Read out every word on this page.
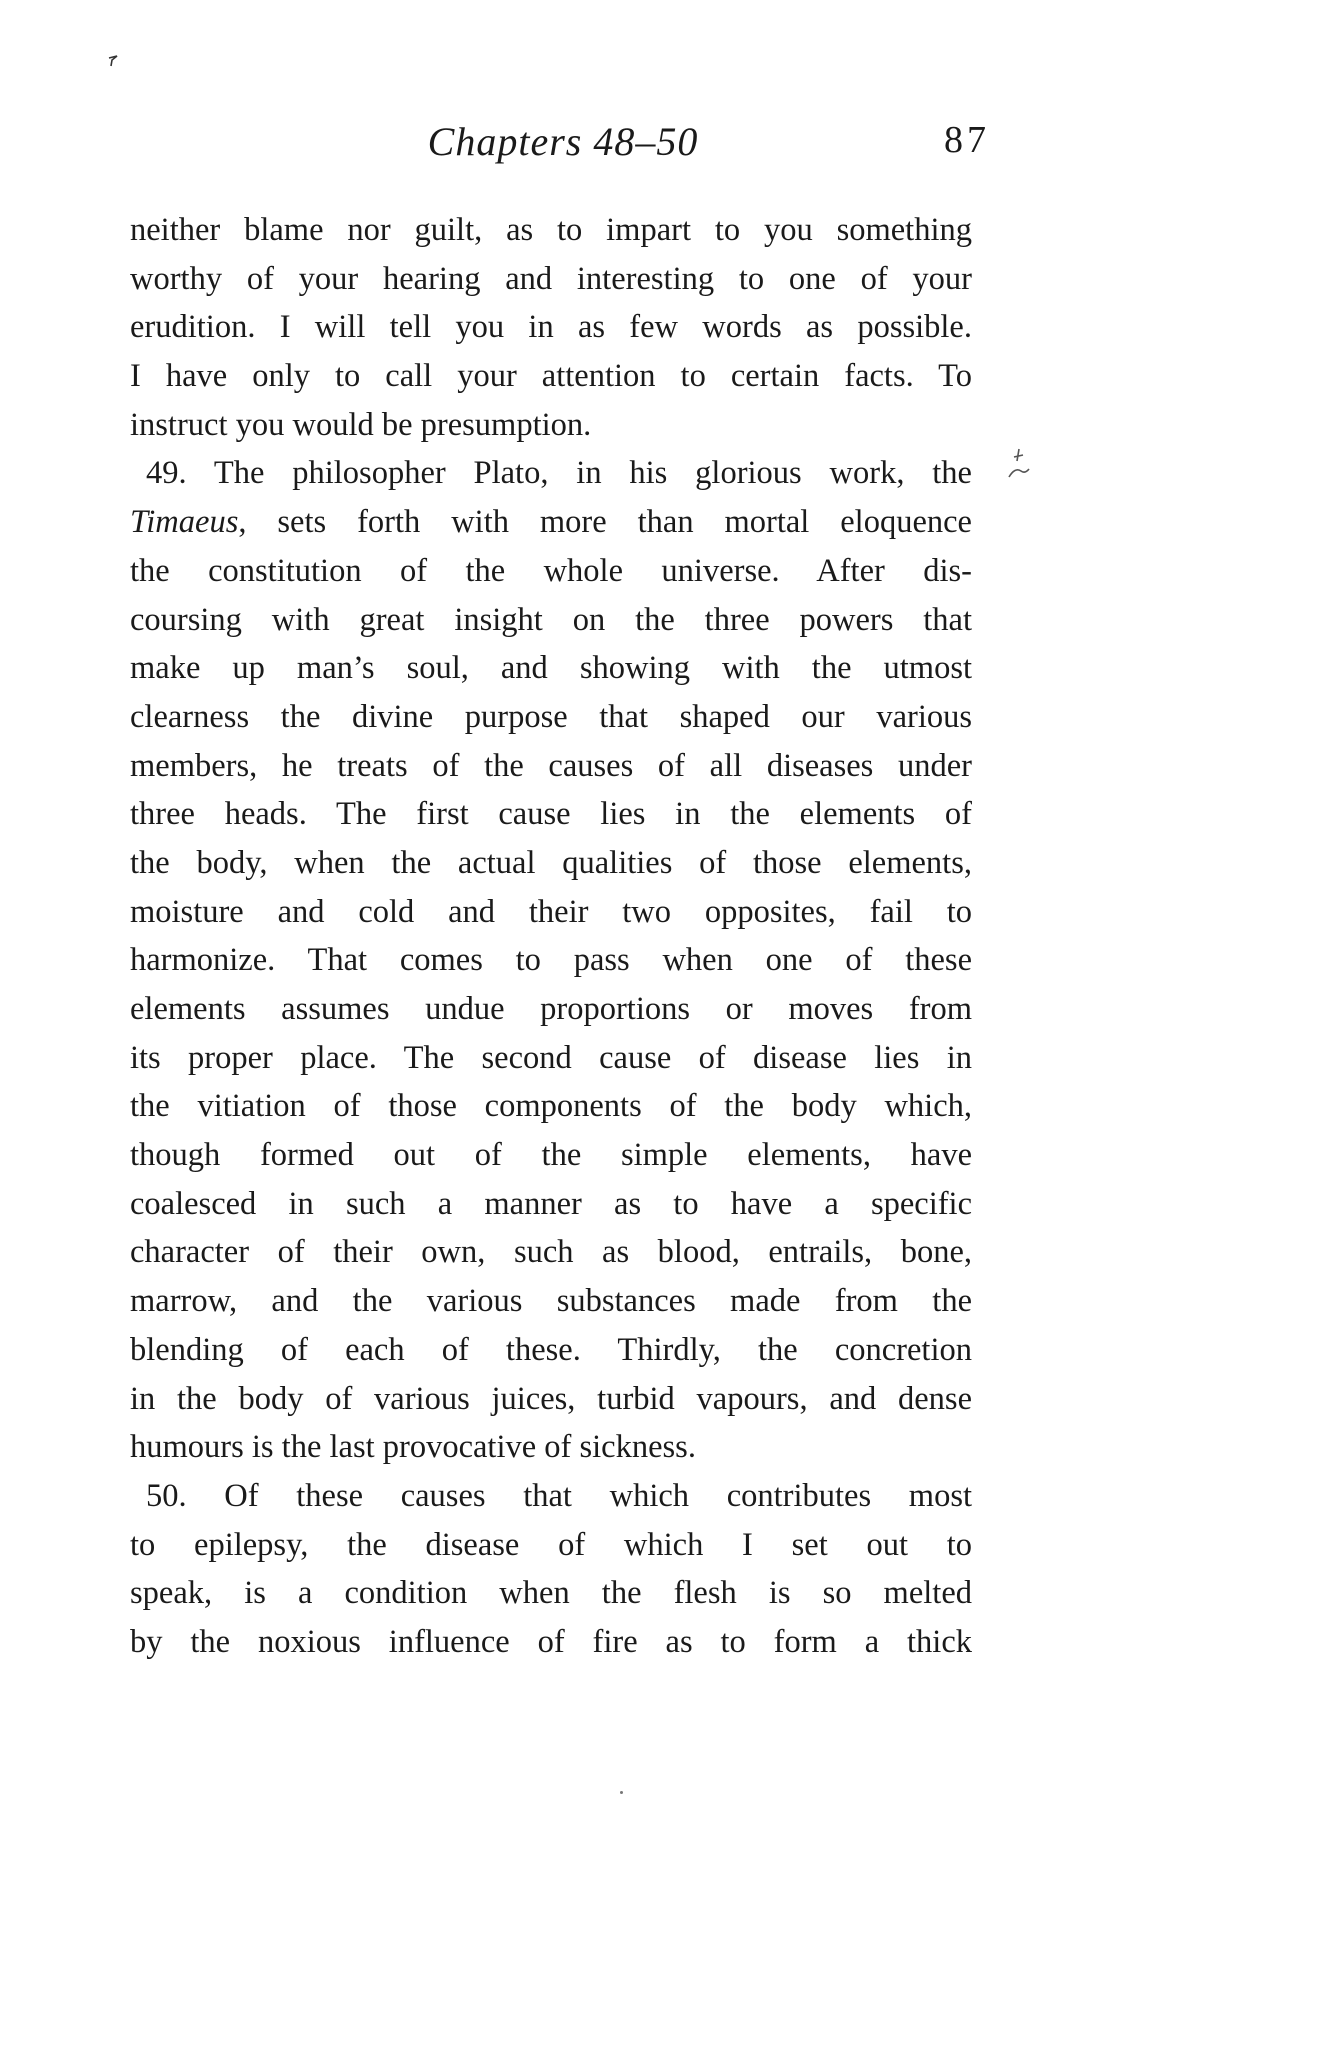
Chapters 48–50	87
neither blame nor guilt, as to impart to you something
worthy of your hearing and interesting to one of your
erudition. I will tell you in as few words as possible.
I have only to call your attention to certain facts. To
instruct you would be presumption.
49. The philosopher Plato, in his glorious work, the
Timaeus, sets forth with more than mortal eloquence
the constitution of the whole universe. After dis-
coursing with great insight on the three powers that
make up man’s soul, and showing with the utmost
clearness the divine purpose that shaped our various
members, he treats of the causes of all diseases under
three heads. The first cause lies in the elements of
the body, when the actual qualities of those elements,
moisture and cold and their two opposites, fail to
harmonize. That comes to pass when one of these
elements assumes undue proportions or moves from
its proper place. The second cause of disease lies in
the vitiation of those components of the body which,
though formed out of the simple elements, have
coalesced in such a manner as to have a specific
character of their own, such as blood, entrails, bone,
marrow, and the various substances made from the
blending of each of these. Thirdly, the concretion
in the body of various juices, turbid vapours, and dense
humours is the last provocative of sickness.
50. Of these causes that which contributes most
to epilepsy, the disease of which I set out to
speak, is a condition when the flesh is so melted
by the noxious influence of fire as to form a thick
